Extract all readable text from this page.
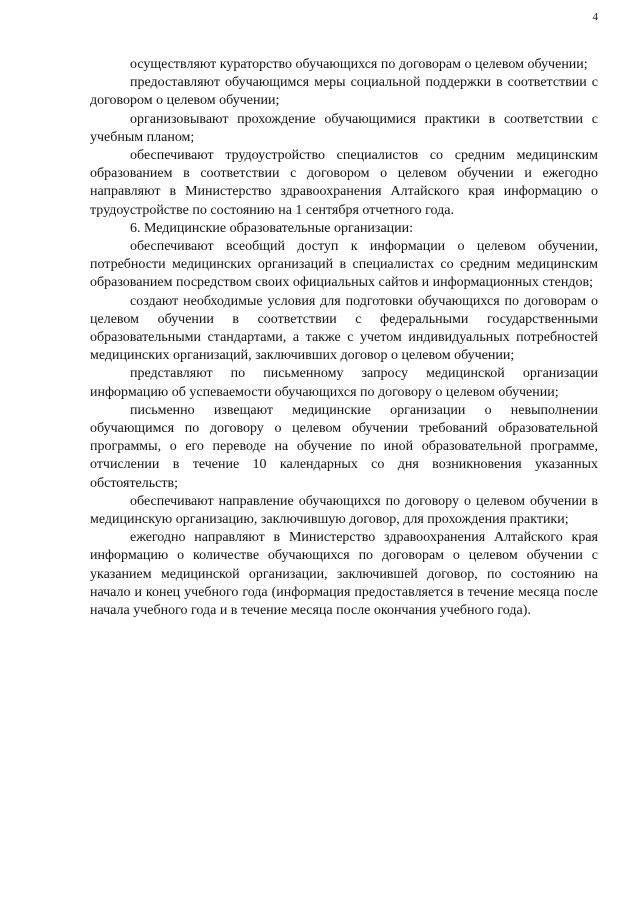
4

осуществляют кураторство обучающихся по договорам о целевом обучении;

предоставляют обучающимся меры социальной поддержки в соответствии с договором о целевом обучении;

организовывают прохождение обучающимися практики в соответствии с учебным планом;

обеспечивают трудоустройство специалистов со средним медицинским образованием в соответствии с договором о целевом обучении и ежегодно направляют в Министерство здравоохранения Алтайского края информацию о трудоустройстве по состоянию на 1 сентября отчетного года.

6. Медицинские образовательные организации:

обеспечивают всеобщий доступ к информации о целевом обучении, потребности медицинских организаций в специалистах со средним медицинским образованием посредством своих официальных сайтов и информационных стендов;

создают необходимые условия для подготовки обучающихся по договорам о целевом обучении в соответствии с федеральными государственными образовательными стандартами, а также с учетом индивидуальных потребностей медицинских организаций, заключивших договор о целевом обучении;

представляют по письменному запросу медицинской организации информацию об успеваемости обучающихся по договору о целевом обучении;

письменно извещают медицинские организации о невыполнении обучающимся по договору о целевом обучении требований образовательной программы, о его переводе на обучение по иной образовательной программе, отчислении в течение 10 календарных со дня возникновения указанных обстоятельств;

обеспечивают направление обучающихся по договору о целевом обучении в медицинскую организацию, заключившую договор, для прохождения практики;

ежегодно направляют в Министерство здравоохранения Алтайского края информацию о количестве обучающихся по договорам о целевом обучении с указанием медицинской организации, заключившей договор, по состоянию на начало и конец учебного года (информация предоставляется в течение месяца после начала учебного года и в течение месяца после окончания учебного года).
